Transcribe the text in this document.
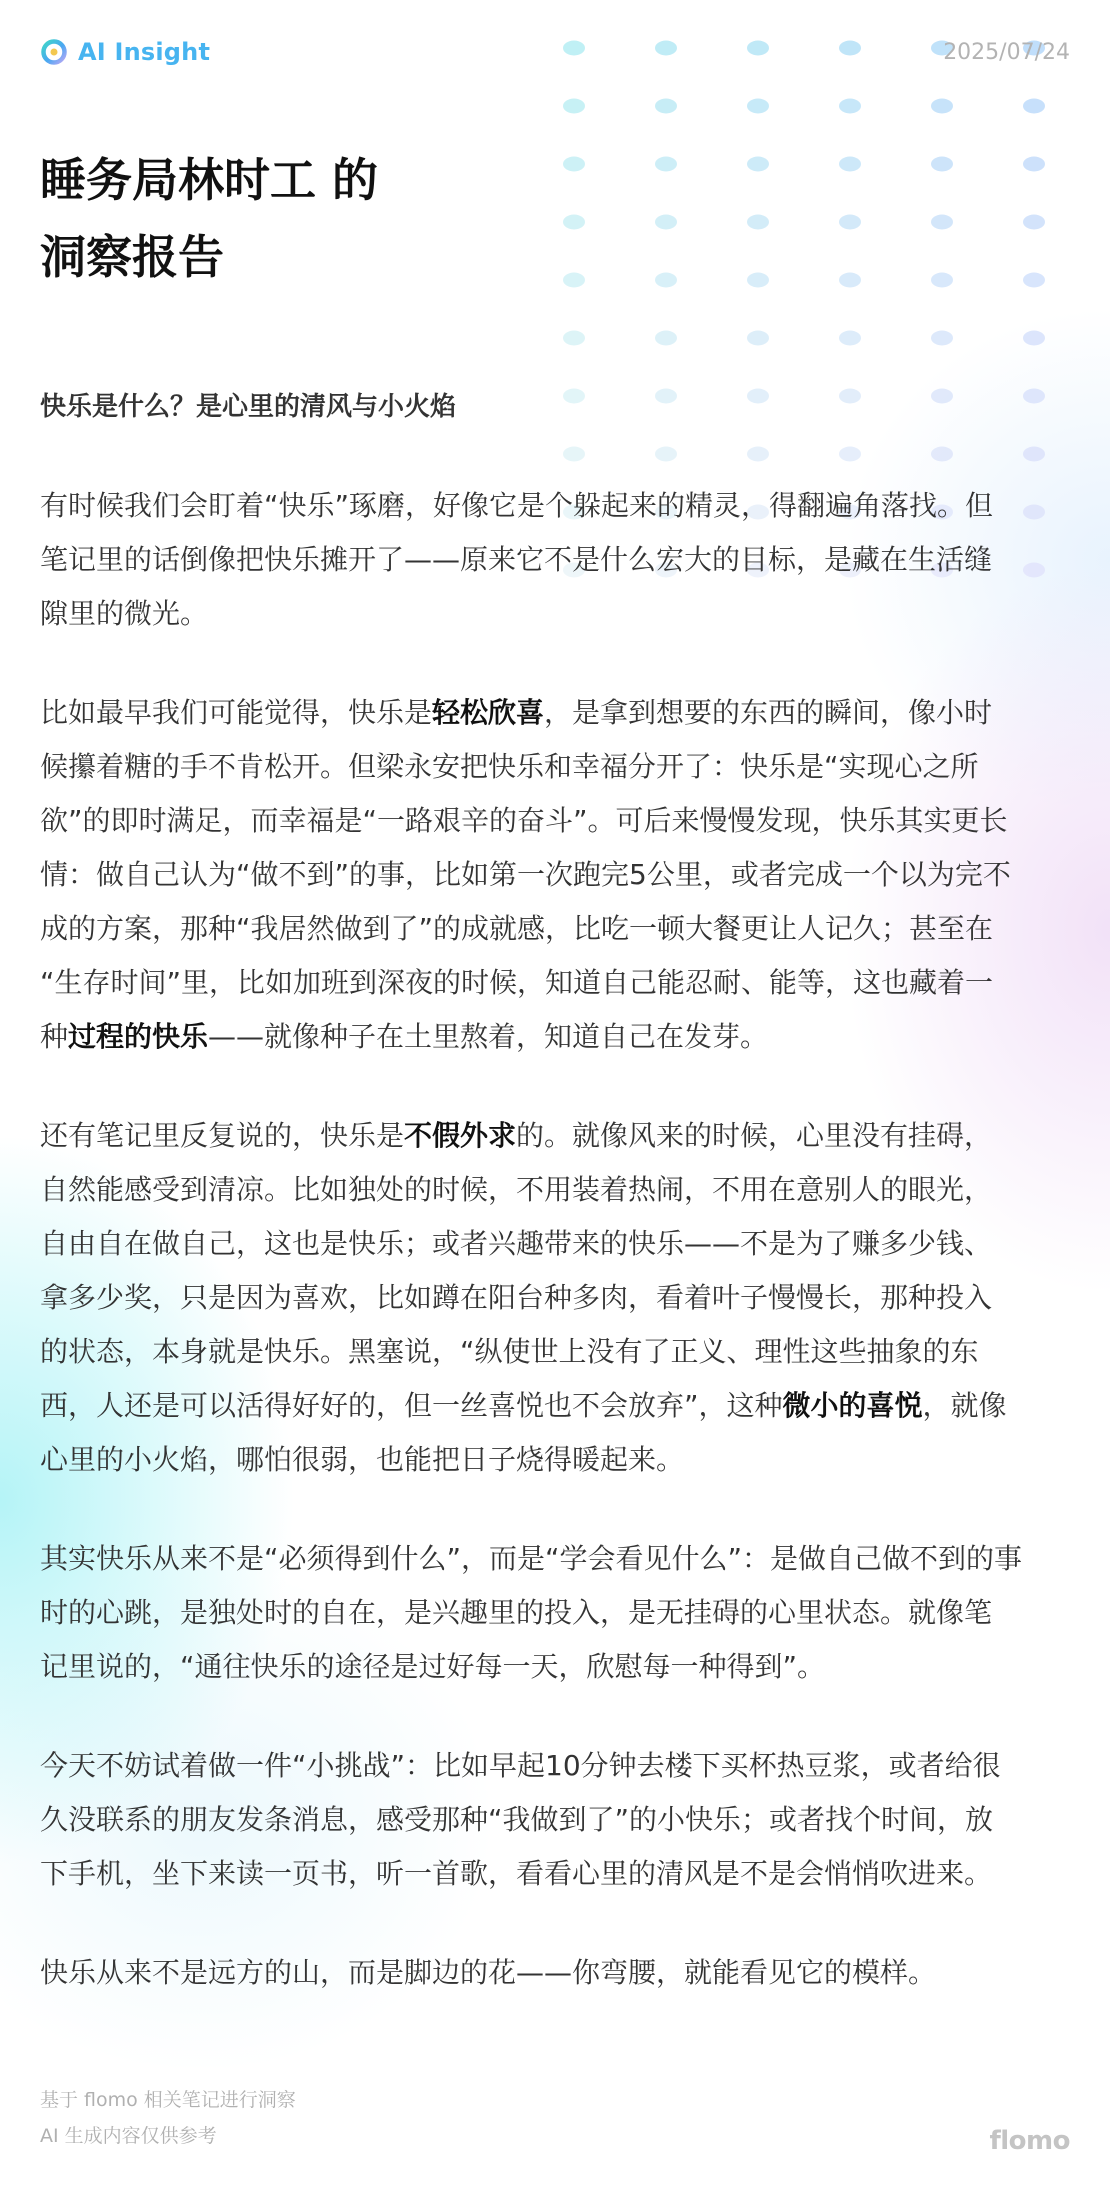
AI Insight	2025/07/24
睡务局林时工 的
洞察报告

快乐是什么？是心里的清风与小火焰

有时候我们会盯着“快乐”琢磨，好像它是个躲起来的精灵，得翻遍角落找。但
笔记里的话倒像把快乐摊开了——原来它不是什么宏大的目标，是藏在生活缝
隙里的微光。

比如最早我们可能觉得，快乐是轻松欣喜，是拿到想要的东西的瞬间，像小时
候攥着糖的手不肯松开。但梁永安把快乐和幸福分开了：快乐是“实现心之所
欲”的即时满足，而幸福是“一路艰辛的奋斗”。可后来慢慢发现，快乐其实更长
情：做自己认为“做不到”的事，比如第一次跑完5公里，或者完成一个以为完不
成的方案，那种“我居然做到了”的成就感，比吃一顿大餐更让人记久；甚至在
“生存时间”里，比如加班到深夜的时候，知道自己能忍耐、能等，这也藏着一
种过程的快乐——就像种子在土里熬着，知道自己在发芽。

还有笔记里反复说的，快乐是不假外求的。就像风来的时候，心里没有挂碍，
自然能感受到清凉。比如独处的时候，不用装着热闹，不用在意别人的眼光，
自由自在做自己，这也是快乐；或者兴趣带来的快乐——不是为了赚多少钱、
拿多少奖，只是因为喜欢，比如蹲在阳台种多肉，看着叶子慢慢长，那种投入
的状态，本身就是快乐。黑塞说，“纵使世上没有了正义、理性这些抽象的东
西，人还是可以活得好好的，但一丝喜悦也不会放弃”，这种微小的喜悦，就像
心里的小火焰，哪怕很弱，也能把日子烧得暖起来。

其实快乐从来不是“必须得到什么”，而是“学会看见什么”：是做自己做不到的事
时的心跳，是独处时的自在，是兴趣里的投入，是无挂碍的心里状态。就像笔
记里说的，“通往快乐的途径是过好每一天，欣慰每一种得到”。

今天不妨试着做一件“小挑战”：比如早起10分钟去楼下买杯热豆浆，或者给很
久没联系的朋友发条消息，感受那种“我做到了”的小快乐；或者找个时间，放
下手机，坐下来读一页书，听一首歌，看看心里的清风是不是会悄悄吹进来。

快乐从来不是远方的山，而是脚边的花——你弯腰，就能看见它的模样。

基于 flomo 相关笔记进行洞察
AI 生成内容仅供参考	flomo
